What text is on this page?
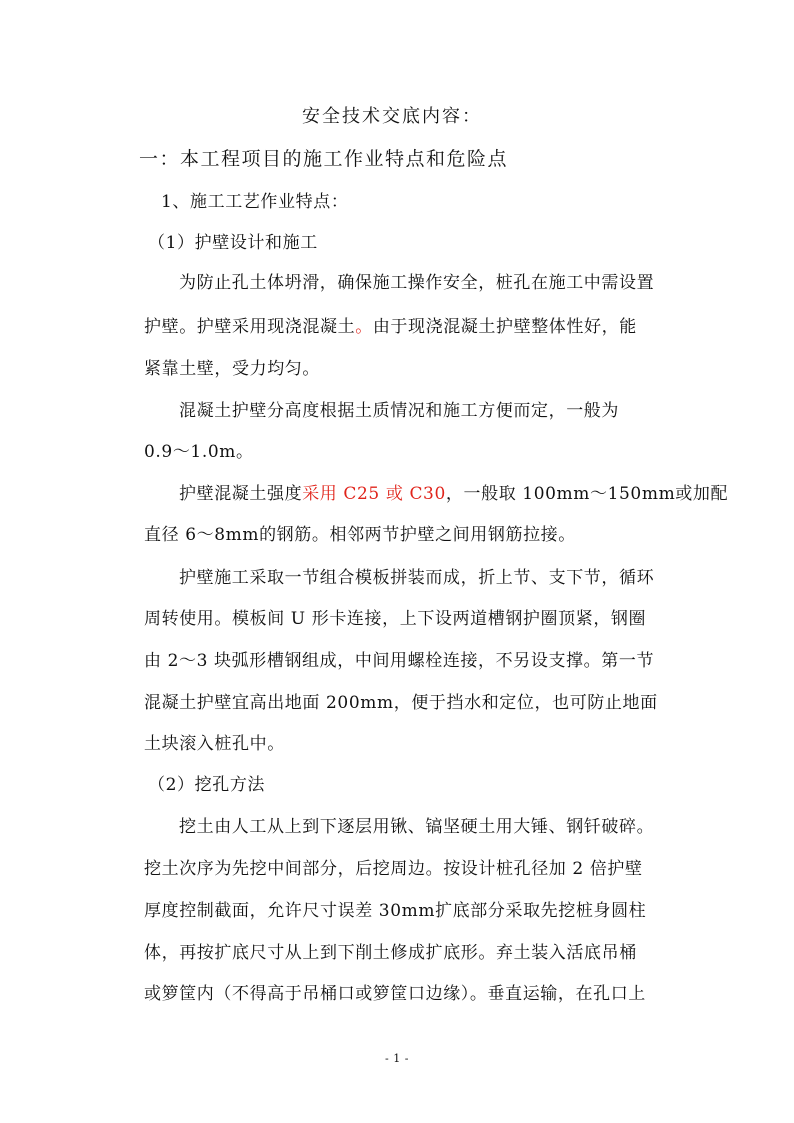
安全技术交底内容：
一：本工程项目的施工作业特点和危险点
1、施工工艺作业特点：
（1）护壁设计和施工
为防止孔土体坍滑，确保施工操作安全，桩孔在施工中需设置
护壁。护壁采用现浇混凝土。由于现浇混凝土护壁整体性好，能
紧靠土壁，受力均匀。
混凝土护壁分高度根据土质情况和施工方便而定，一般为
0.9～1.0m。
护壁混凝土强度采用 C25 或 C30，一般取 100mm～150mm或加配
直径 6～8mm的钢筋。相邻两节护壁之间用钢筋拉接。
护壁施工采取一节组合模板拼装而成，折上节、支下节，循环
周转使用。模板间 U 形卡连接，上下设两道槽钢护圈顶紧，钢圈
由 2～3 块弧形槽钢组成，中间用螺栓连接，不另设支撑。第一节
混凝土护壁宜高出地面 200mm，便于挡水和定位，也可防止地面
土块滚入桩孔中。
（2）挖孔方法
挖土由人工从上到下逐层用锹、镐坚硬土用大锤、钢钎破碎。
挖土次序为先挖中间部分，后挖周边。按设计桩孔径加 2 倍护壁
厚度控制截面，允许尺寸误差 30mm扩底部分采取先挖桩身圆柱
体，再按扩底尺寸从上到下削土修成扩底形。弃土装入活底吊桶
或箩筐内（不得高于吊桶口或箩筐口边缘）。垂直运输，在孔口上
- 1 -
